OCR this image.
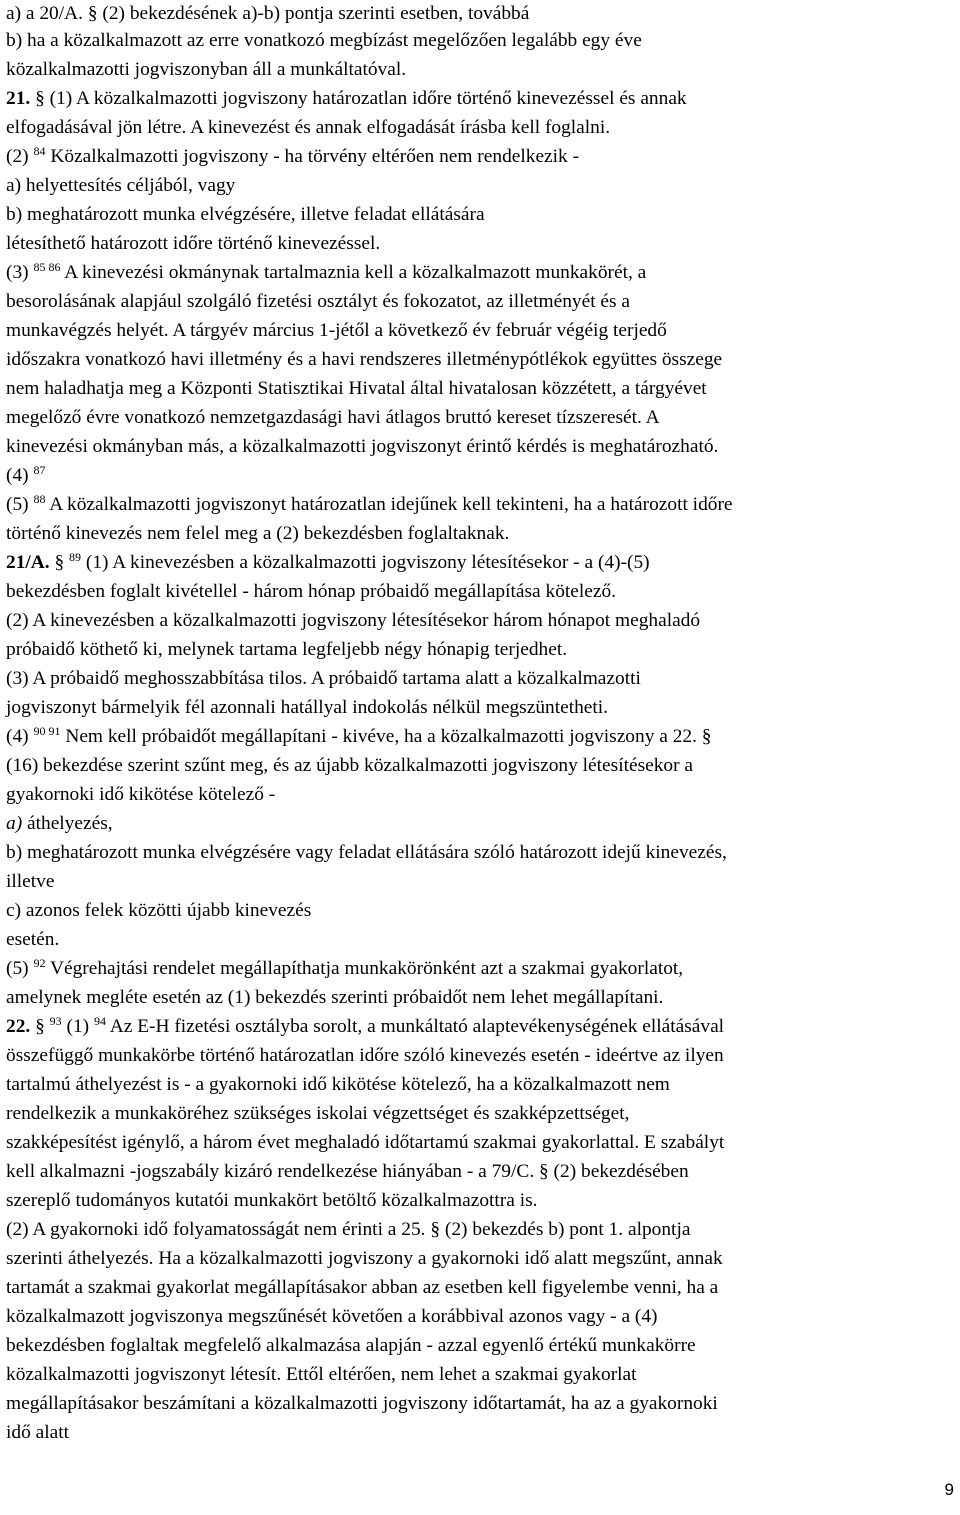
a) a 20/A. § (2) bekezdésének a)-b) pontja szerinti esetben, továbbá
b) ha a közalkalmazott az erre vonatkozó megbízást megelőzően legalább egy éve
közalkalmazotti jogviszonyban áll a munkáltatóval.
21. § (1) A közalkalmazotti jogviszony határozatlan időre történő kinevezéssel és annak
elfogadásával jön létre. A kinevezést és annak elfogadását írásba kell foglalni.
(2) $^{84}$ Közalkalmazotti jogviszony - ha törvény eltérően nem rendelkezik -
a) helyettesítés céljából, vagy
b) meghatározott munka elvégzésére, illetve feladat ellátására
létesíthető határozott időre történő kinevezéssel.
(3) $^{85 86}$ A kinevezési okmánynak tartalmaznia kell a közalkalmazott munkakörét, a
besorolásának alapjául szolgáló fizetési osztályt és fokozatot, az illetményét és a
munkavégzés helyét. A tárgyév március 1-jétől a következő év február végéig terjedő
időszakra vonatkozó havi illetmény és a havi rendszeres illetménypótlékok együttes összege
nem haladhatja meg a Központi Statisztikai Hivatal által hivatalosan közzétett, a tárgyévet
megelőző évre vonatkozó nemzetgazdasági havi átlagos bruttó kereset tízszeresét. A
kinevezési okmányban más, a közalkalmazotti jogviszonyt érintő kérdés is meghatározható.
(4) $^{87}$
(5) $^{88}$ A közalkalmazotti jogviszonyt határozatlan idejűnek kell tekinteni, ha a határozott időre
történő kinevezés nem felel meg a (2) bekezdésben foglaltaknak.
21/A. § $^{89}$ (1) A kinevezésben a közalkalmazotti jogviszony létesítésekor - a (4)-(5)
bekezdésben foglalt kivétellel - három hónap próbaidő megállapítása kötelező.
(2) A kinevezésben a közalkalmazotti jogviszony létesítésekor három hónapot meghaladó
próbaidő köthető ki, melynek tartama legfeljebb négy hónapig terjedhet.
(3) A próbaidő meghosszabbítása tilos. A próbaidő tartama alatt a közalkalmazotti
jogviszonyt bármelyik fél azonnali hatállyal indokolás nélkül megszüntetheti.
(4) $^{90 91}$ Nem kell próbaidőt megállapítani - kivéve, ha a közalkalmazotti jogviszony a 22. §
(16) bekezdése szerint szűnt meg, és az újabb közalkalmazotti jogviszony létesítésekor a
gyakornoki idő kikötése kötelező -
a) áthelyezés,
b) meghatározott munka elvégzésére vagy feladat ellátására szóló határozott idejű kinevezés,
illetve
c) azonos felek közötti újabb kinevezés
esetén.
(5) $^{92}$ Végrehajtási rendelet megállapíthatja munkakörönként azt a szakmai gyakorlatot,
amelynek megléte esetén az (1) bekezdés szerinti próbaidőt nem lehet megállapítani.
22. § $^{93}$ (1) $^{94}$ Az E-H fizetési osztályba sorolt, a munkáltató alaptevékenységének ellátásával
összefüggő munkakörbe történő határozatlan időre szóló kinevezés esetén - ideértve az ilyen
tartalmú áthelyezést is - a gyakornoki idő kikötése kötelező, ha a közalkalmazott nem
rendelkezik a munkaköréhez szükséges iskolai végzettséget és szakképzettséget,
szakképesítést igénylő, a három évet meghaladó időtartamú szakmai gyakorlattal. E szabályt
kell alkalmazni -jogszabály kizáró rendelkezése hiányában - a 79/C. § (2) bekezdésében
szereplő tudományos kutatói munkakört betöltő közalkalmazottra is.
(2) A gyakornoki idő folyamatosságát nem érinti a 25. § (2) bekezdés b) pont 1. alpontja
szerinti áthelyezés. Ha a közalkalmazotti jogviszony a gyakornoki idő alatt megszűnt, annak
tartamát a szakmai gyakorlat megállapításakor abban az esetben kell figyelembe venni, ha a
közalkalmazott jogviszonya megszűnését követően a korábbival azonos vagy - a (4)
bekezdésben foglaltak megfelelő alkalmazása alapján - azzal egyenlő értékű munkakörre
közalkalmazotti jogviszonyt létesít. Ettől eltérően, nem lehet a szakmai gyakorlat
megállapításakor beszámítani a közalkalmazotti jogviszony időtartamát, ha az a gyakornoki
idő alatt
9
